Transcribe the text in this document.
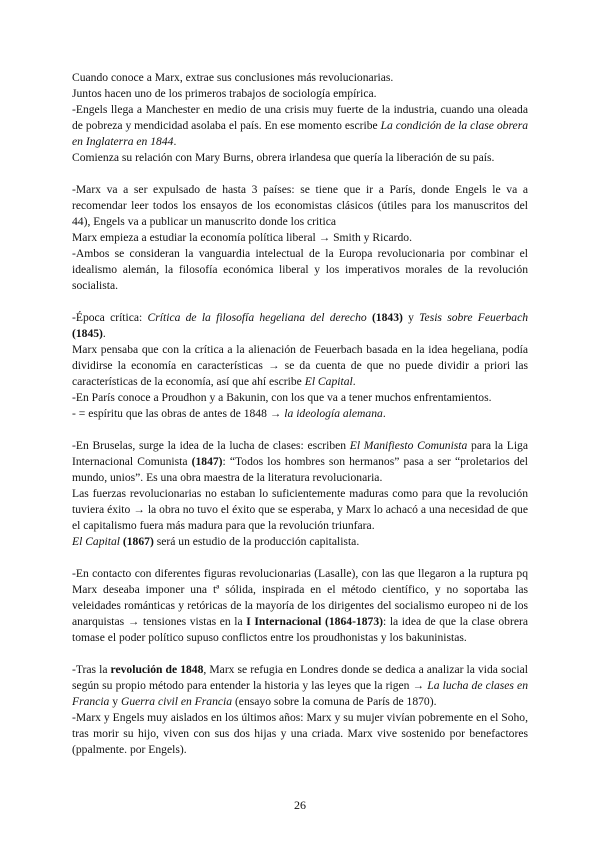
Cuando conoce a Marx, extrae sus conclusiones más revolucionarias.

Juntos hacen uno de los primeros trabajos de sociología empírica.

-Engels llega a Manchester en medio de una crisis muy fuerte de la industria, cuando una oleada de pobreza y mendicidad asolaba el país. En ese momento escribe La condición de la clase obrera en Inglaterra en 1844.

Comienza su relación con Mary Burns, obrera irlandesa que quería la liberación de su país.

-Marx va a ser expulsado de hasta 3 países: se tiene que ir a París, donde Engels le va a recomendar leer todos los ensayos de los economistas clásicos (útiles para los manuscritos del 44), Engels va a publicar un manuscrito donde los critica

Marx empieza a estudiar la economía política liberal → Smith y Ricardo.

-Ambos se consideran la vanguardia intelectual de la Europa revolucionaria por combinar el idealismo alemán, la filosofía económica liberal y los imperativos morales de la revolución socialista.

-Época crítica: Crítica de la filosofía hegeliana del derecho (1843) y Tesis sobre Feuerbach (1845).

Marx pensaba que con la crítica a la alienación de Feuerbach basada en la idea hegeliana, podía dividirse la economía en características → se da cuenta de que no puede dividir a priori las características de la economía, así que ahí escribe El Capital.

-En París conoce a Proudhon y a Bakunin, con los que va a tener muchos enfrentamientos.

- = espíritu que las obras de antes de 1848 → la ideología alemana.

-En Bruselas, surge la idea de la lucha de clases: escriben El Manifiesto Comunista para la Liga Internacional Comunista (1847): “Todos los hombres son hermanos” pasa a ser “proletarios del mundo, unios”. Es una obra maestra de la literatura revolucionaria.

Las fuerzas revolucionarias no estaban lo suficientemente maduras como para que la revolución tuviera éxito → la obra no tuvo el éxito que se esperaba, y Marx lo achacó a una necesidad de que el capitalismo fuera más madura para que la revolución triunfara.

El Capital (1867) será un estudio de la producción capitalista.

-En contacto con diferentes figuras revolucionarias (Lasalle), con las que llegaron a la ruptura pq Marx deseaba imponer una tª sólida, inspirada en el método científico, y no soportaba las veleidades románticas y retóricas de la mayoría de los dirigentes del socialismo europeo ni de los anarquistas → tensiones vistas en la I Internacional (1864-1873): la idea de que la clase obrera tomase el poder político supuso conflictos entre los proudhonistas y los bakuninistas.

-Tras la revolución de 1848, Marx se refugia en Londres donde se dedica a analizar la vida social según su propio método para entender la historia y las leyes que la rigen → La lucha de clases en Francia y Guerra civil en Francia (ensayo sobre la comuna de París de 1870).

-Marx y Engels muy aislados en los últimos años: Marx y su mujer vivían pobremente en el Soho, tras morir su hijo, viven con sus dos hijas y una criada. Marx vive sostenido por benefactores (ppalmente. por Engels).

26
